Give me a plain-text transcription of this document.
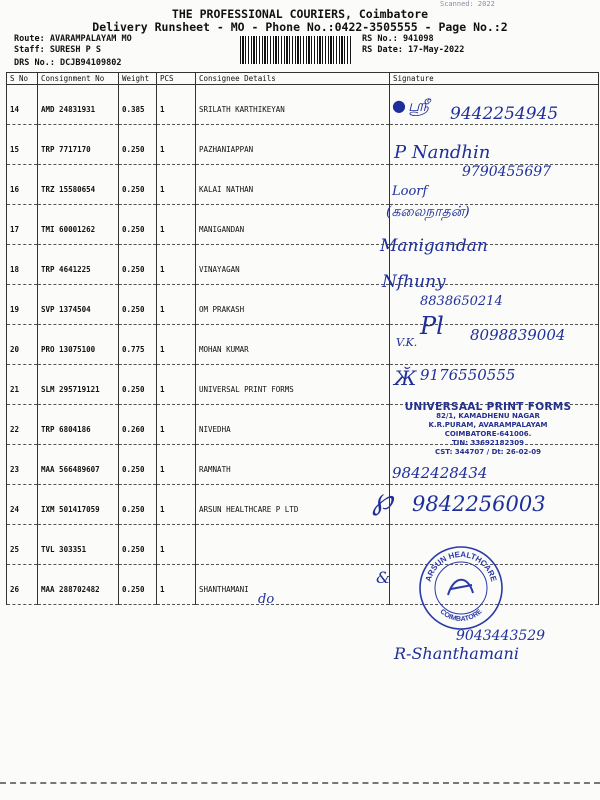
Scanned: 2022
THE PROFESSIONAL COURIERS, Coimbatore
Delivery Runsheet - MO - Phone No.:0422-3505555 - Page No.:2
Route: AVARAMPALAYAM MO
Staff: SURESH P S
DRS No.: DCJB94109802
RS No.: 941098
RS Date: 17-May-2022
S No	Consignment No	Weight	PCS	Consignee Details	Signature
14	AMD 24831931	0.385	1	SRILATH KARTHIKEYAN	
15	TRP 7717170	0.250	1	PAZHANIAPPAN	
16	TRZ 15580654	0.250	1	KALAI NATHAN	
17	TMI 60001262	0.250	1	MANIGANDAN	
18	TRP 4641225	0.250	1	VINAYAGAN	
19	SVP 1374504	0.250	1	OM PRAKASH	
20	PRO 13075100	0.775	1	MOHAN KUMAR	
21	SLM 295719121	0.250	1	UNIVERSAL PRINT FORMS	
22	TRP 6804186	0.260	1	NIVEDHA	
23	MAA 566489607	0.250	1	RAMNATH	
24	IXM 501417059	0.250	1	ARSUN HEALTHCARE P LTD	
25	TVL 303351	0.250	1		
26	MAA 288702482	0.250	1	SHANTHAMANI	
● ஸ்ரீ 9442254945
P Nandhin
9790455697
Loorf
(கலைநாதன்)
Manigandan
Nfhuny
8838650214
V.K.
Pl 8098839004
Ӂ 9176550555
UNIVERSAAL PRINT FORMS
82/1, KAMADHENU NAGAR
K.R.PURAM, AVARAMPALAYAM
COIMBATORE-641006.
TIN: 33692182309
CST: 344707 / Dt: 26-02-09
9842428434
℘ 9842256003
ARSUN HEALTHCARE
COIMBATORE
&
do
9043443529
R-Shanthamani
